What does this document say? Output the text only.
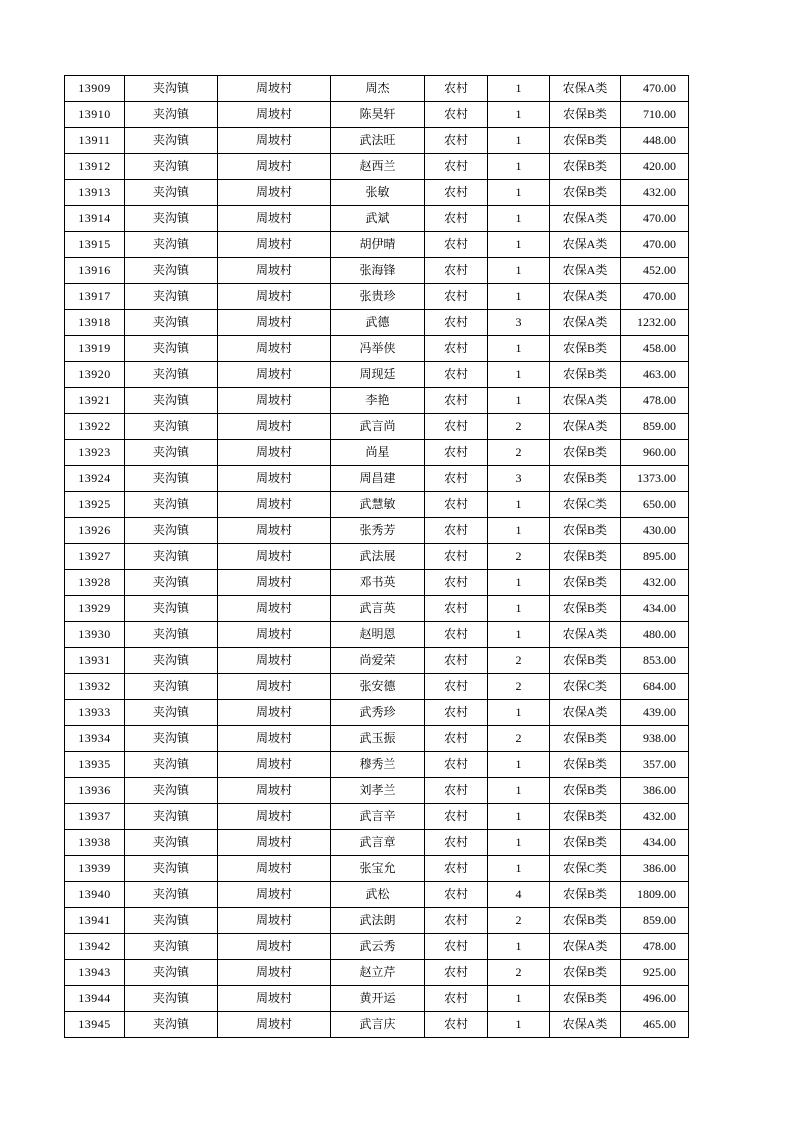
13909	夹沟镇	周坡村	周杰	农村	1	农保A类	470.00
13910	夹沟镇	周坡村	陈昊轩	农村	1	农保B类	710.00
13911	夹沟镇	周坡村	武法旺	农村	1	农保B类	448.00
13912	夹沟镇	周坡村	赵西兰	农村	1	农保B类	420.00
13913	夹沟镇	周坡村	张敏	农村	1	农保B类	432.00
13914	夹沟镇	周坡村	武斌	农村	1	农保A类	470.00
13915	夹沟镇	周坡村	胡伊晴	农村	1	农保A类	470.00
13916	夹沟镇	周坡村	张海锋	农村	1	农保A类	452.00
13917	夹沟镇	周坡村	张贵珍	农村	1	农保A类	470.00
13918	夹沟镇	周坡村	武德	农村	3	农保A类	1232.00
13919	夹沟镇	周坡村	冯举侠	农村	1	农保B类	458.00
13920	夹沟镇	周坡村	周现廷	农村	1	农保B类	463.00
13921	夹沟镇	周坡村	李艳	农村	1	农保A类	478.00
13922	夹沟镇	周坡村	武言尚	农村	2	农保A类	859.00
13923	夹沟镇	周坡村	尚星	农村	2	农保B类	960.00
13924	夹沟镇	周坡村	周昌建	农村	3	农保B类	1373.00
13925	夹沟镇	周坡村	武慧敏	农村	1	农保C类	650.00
13926	夹沟镇	周坡村	张秀芳	农村	1	农保B类	430.00
13927	夹沟镇	周坡村	武法展	农村	2	农保B类	895.00
13928	夹沟镇	周坡村	邓书英	农村	1	农保B类	432.00
13929	夹沟镇	周坡村	武言英	农村	1	农保B类	434.00
13930	夹沟镇	周坡村	赵明恩	农村	1	农保A类	480.00
13931	夹沟镇	周坡村	尚爱荣	农村	2	农保B类	853.00
13932	夹沟镇	周坡村	张安德	农村	2	农保C类	684.00
13933	夹沟镇	周坡村	武秀珍	农村	1	农保A类	439.00
13934	夹沟镇	周坡村	武玉振	农村	2	农保B类	938.00
13935	夹沟镇	周坡村	穆秀兰	农村	1	农保B类	357.00
13936	夹沟镇	周坡村	刘孝兰	农村	1	农保B类	386.00
13937	夹沟镇	周坡村	武言辛	农村	1	农保B类	432.00
13938	夹沟镇	周坡村	武言章	农村	1	农保B类	434.00
13939	夹沟镇	周坡村	张宝允	农村	1	农保C类	386.00
13940	夹沟镇	周坡村	武松	农村	4	农保B类	1809.00
13941	夹沟镇	周坡村	武法朗	农村	2	农保B类	859.00
13942	夹沟镇	周坡村	武云秀	农村	1	农保A类	478.00
13943	夹沟镇	周坡村	赵立芹	农村	2	农保B类	925.00
13944	夹沟镇	周坡村	黄开运	农村	1	农保B类	496.00
13945	夹沟镇	周坡村	武言庆	农村	1	农保A类	465.00
